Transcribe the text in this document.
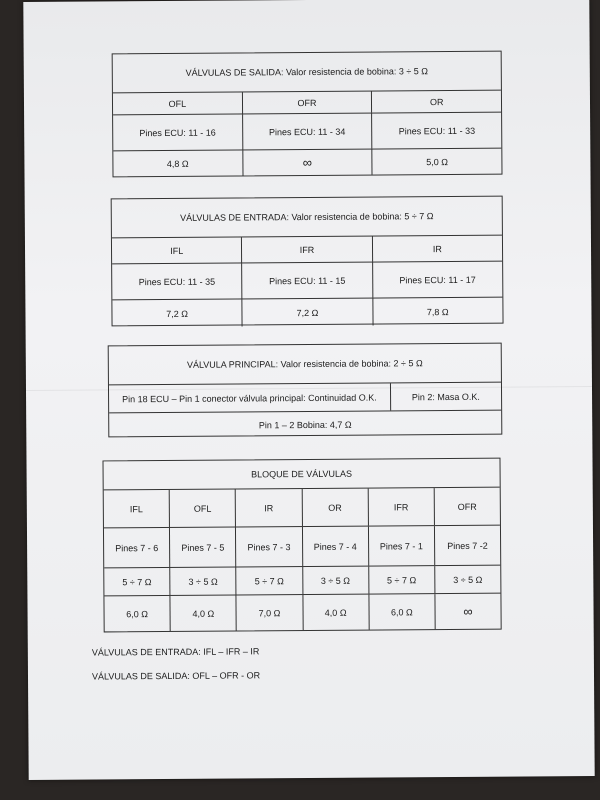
VÁLVULAS DE SALIDA: Valor resistencia de bobina: 3 ÷ 5 Ω
OFL	OFR	OR
Pines ECU: 11 - 16	Pines ECU: 11 - 34	Pines ECU: 11 - 33
4,8 Ω	∞	5,0 Ω
VÁLVULAS DE ENTRADA: Valor resistencia de bobina: 5 ÷ 7 Ω
IFL	IFR	IR
Pines ECU: 11 - 35	Pines ECU: 11 - 15	Pines ECU: 11 - 17
7,2 Ω	7,2 Ω	7,8 Ω
VÁLVULA PRINCIPAL: Valor resistencia de bobina: 2 ÷ 5 Ω
Pin 18 ECU – Pin 1 conector válvula principal: Continuidad O.K.	Pin 2: Masa O.K.
Pin 1 – 2 Bobina: 4,7 Ω
BLOQUE DE VÁLVULAS
IFL	OFL	IR	OR	IFR	OFR
Pines 7 - 6	Pines 7 - 5	Pines 7 - 3	Pines 7 - 4	Pines 7 - 1	Pines 7 -2
5 ÷ 7 Ω	3 ÷ 5 Ω	5 ÷ 7 Ω	3 ÷ 5 Ω	5 ÷ 7 Ω	3 ÷ 5 Ω
6,0 Ω	4,0 Ω	7,0 Ω	4,0 Ω	6,0 Ω	∞
VÁLVULAS DE ENTRADA: IFL – IFR – IR
VÁLVULAS DE SALIDA: OFL – OFR - OR
